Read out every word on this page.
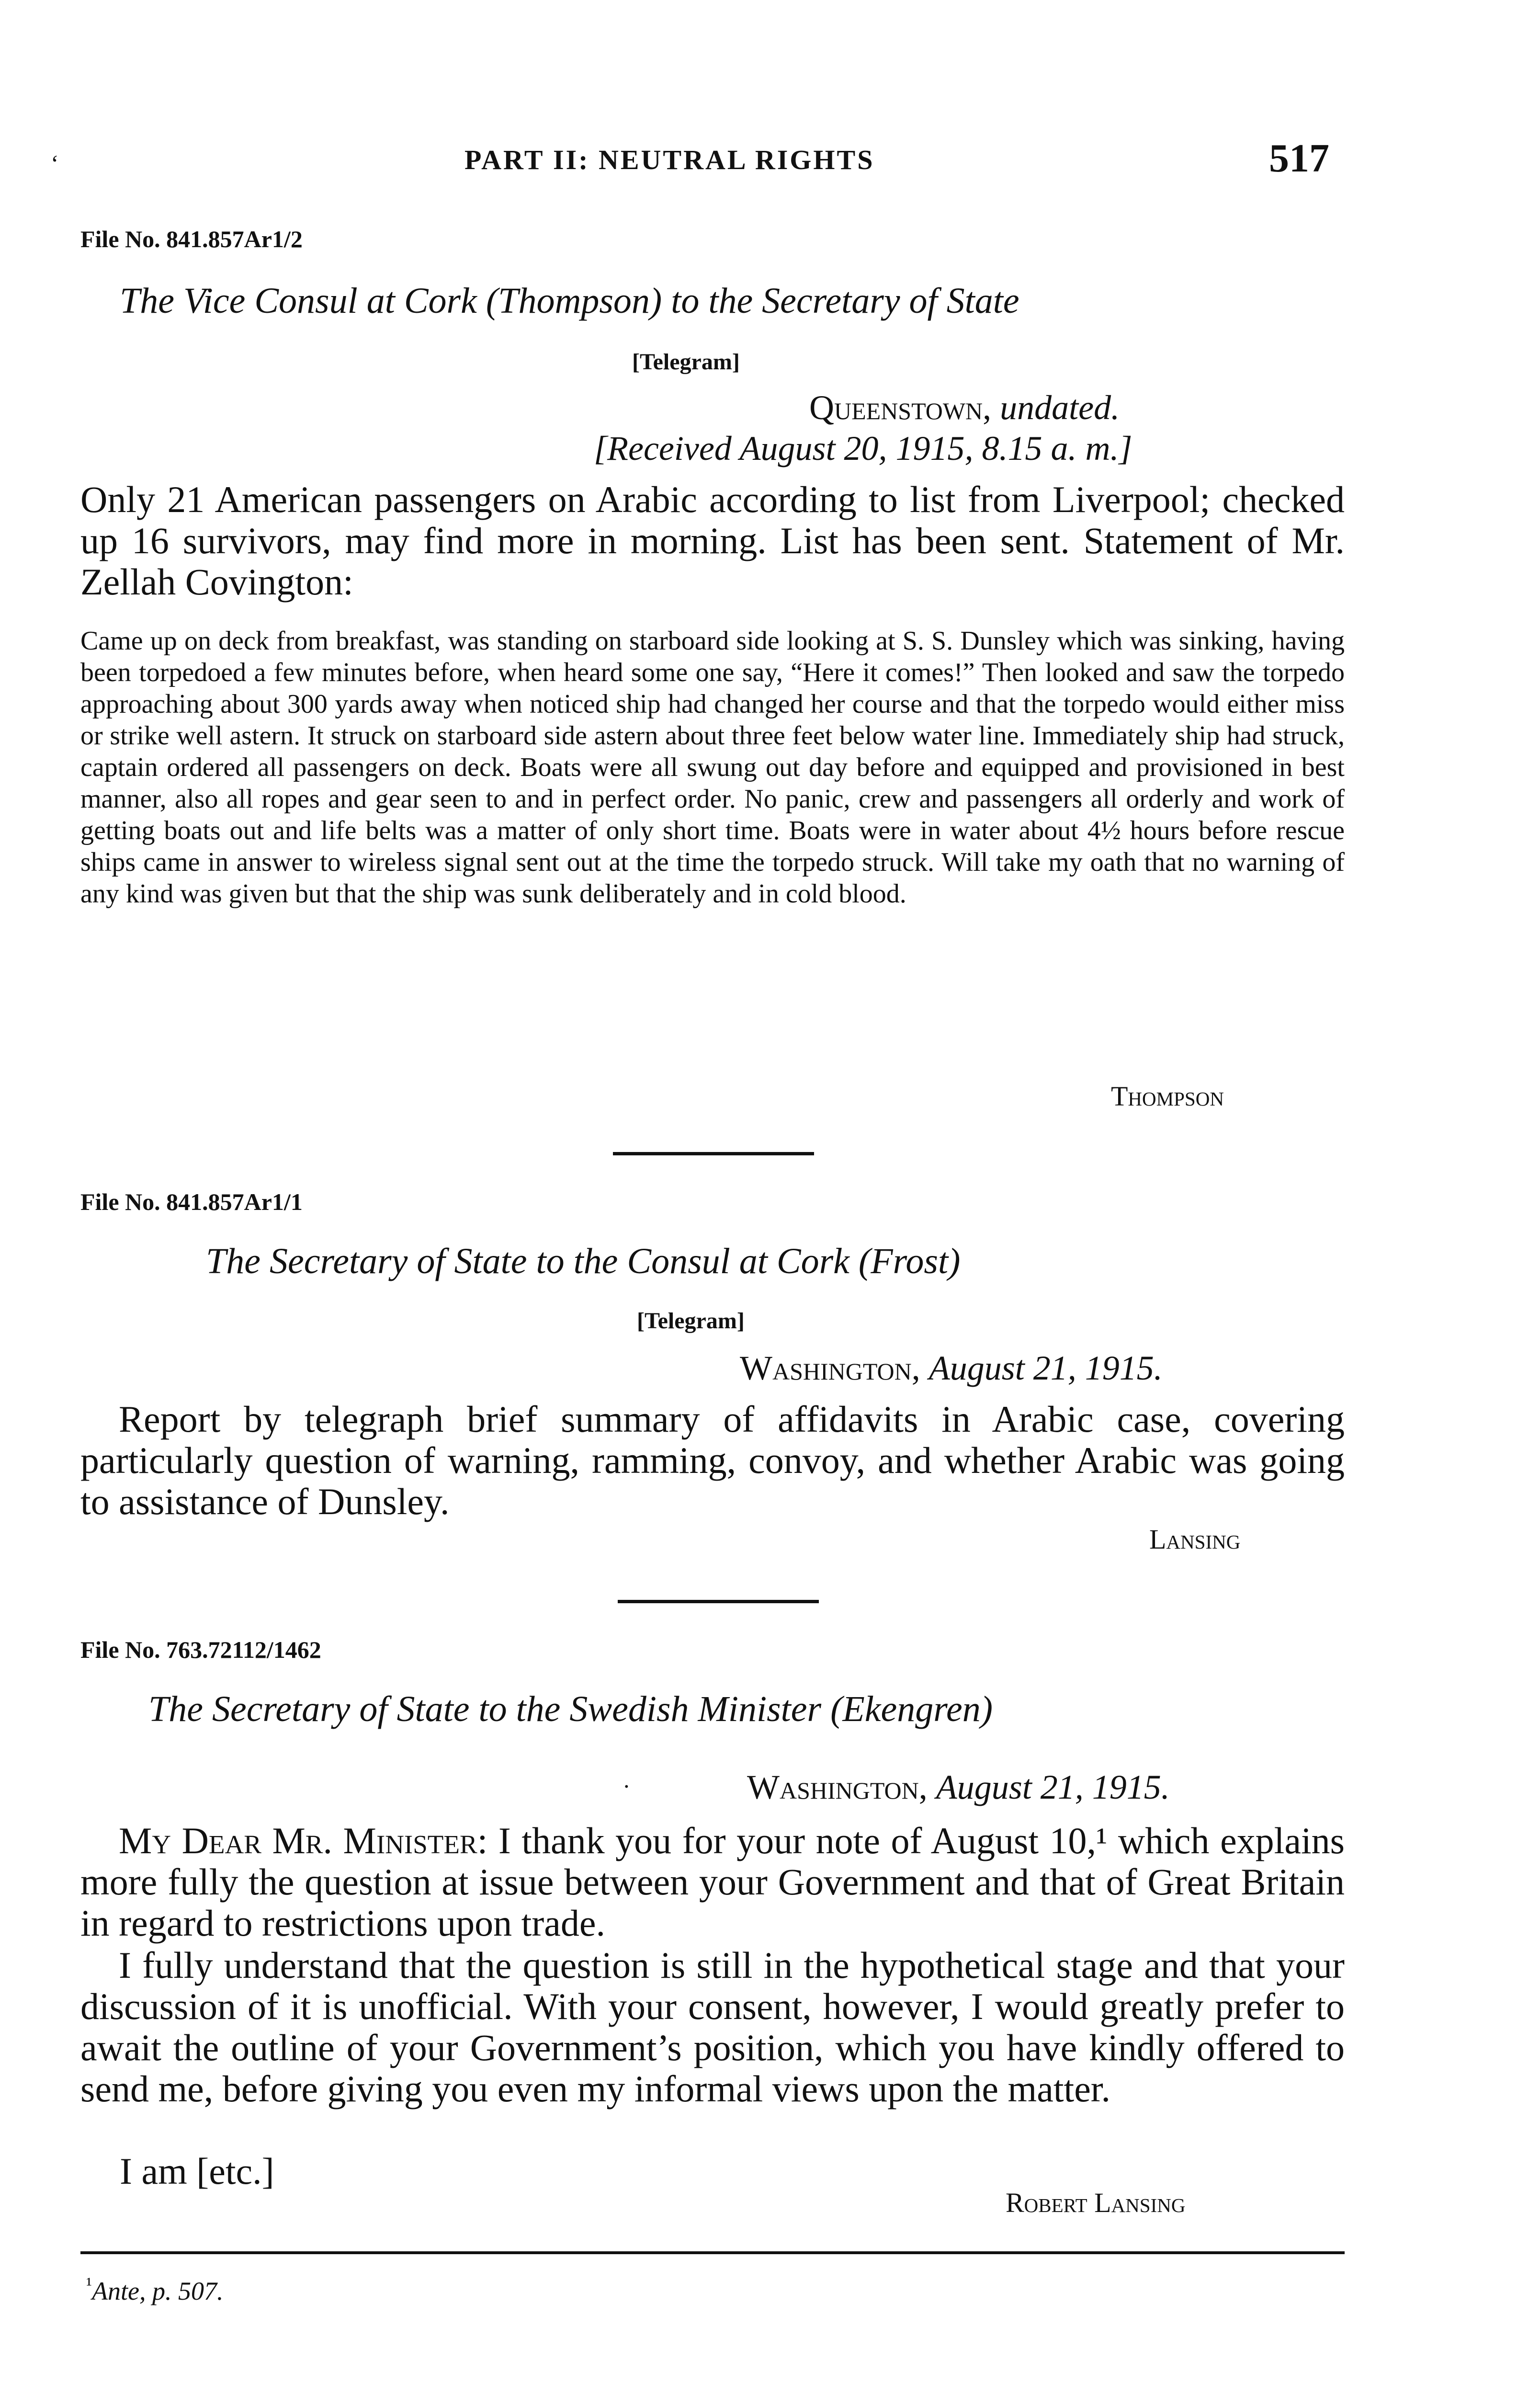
ʻ	PART II: NEUTRAL RIGHTS	517
File No. 841.857Ar1/2
The Vice Consul at Cork (Thompson) to the Secretary of State
[Telegram]
Queenstown, undated.
[Received August 20, 1915, 8.15 a. m.]
Only 21 American passengers on Arabic according to list from Liverpool; checked up 16 survivors, may find more in morning. List has been sent. Statement of Mr. Zellah Covington:
Came up on deck from breakfast, was standing on starboard side looking at S. S. Dunsley which was sinking, having been torpedoed a few minutes before, when heard some one say, “Here it comes!” Then looked and saw the torpedo approaching about 300 yards away when noticed ship had changed her course and that the torpedo would either miss or strike well astern. It struck on starboard side astern about three feet below water line. Immediately ship had struck, captain ordered all passengers on deck. Boats were all swung out day before and equipped and provisioned in best manner, also all ropes and gear seen to and in perfect order. No panic, crew and passengers all orderly and work of getting boats out and life belts was a matter of only short time. Boats were in water about 4½ hours before rescue ships came in answer to wireless signal sent out at the time the torpedo struck. Will take my oath that no warning of any kind was given but that the ship was sunk deliberately and in cold blood.
Thompson
File No. 841.857Ar1/1
The Secretary of State to the Consul at Cork (Frost)
[Telegram]
Washington, August 21, 1915.
Report by telegraph brief summary of affidavits in Arabic case, covering particularly question of warning, ramming, convoy, and whether Arabic was going to assistance of Dunsley.
Lansing
File No. 763.72112/1462
The Secretary of State to the Swedish Minister (Ekengren)
·	Washington, August 21, 1915.
My Dear Mr. Minister: I thank you for your note of August 10,¹ which explains more fully the question at issue between your Government and that of Great Britain in regard to restrictions upon trade.
I fully understand that the question is still in the hypothetical stage and that your discussion of it is unofficial. With your consent, however, I would greatly prefer to await the outline of your Government’s position, which you have kindly offered to send me, before giving you even my informal views upon the matter.
I am [etc.]
Robert Lansing
$^{^1}$Ante, p. 507.
